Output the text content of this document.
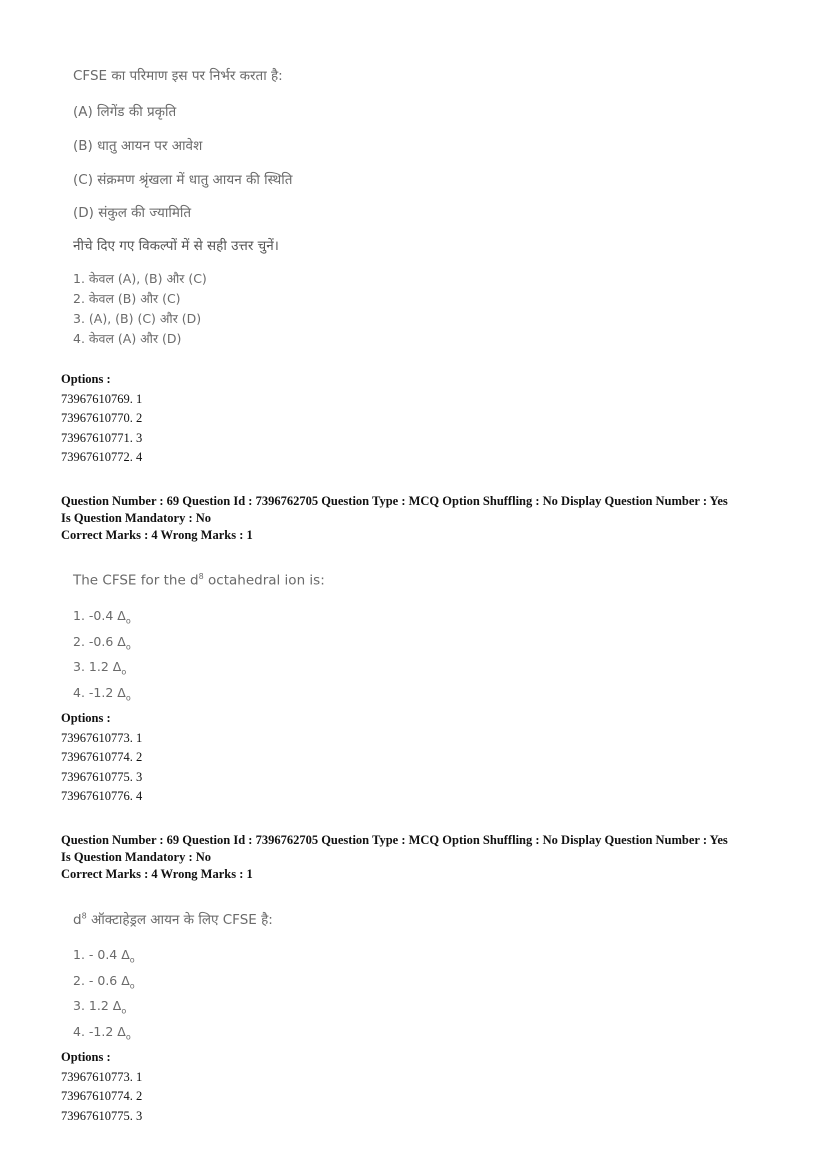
CFSE का परिमाण इस पर निर्भर करता है:
(A) लिगेंड की प्रकृति
(B) धातु आयन पर आवेश
(C) संक्रमण श्रृंखला में धातु आयन की स्थिति
(D) संकुल की ज्यामिति
नीचे दिए गए विकल्पों में से सही उत्तर चुनें।
1. केवल (A), (B) और (C)
2. केवल (B) और (C)
3. (A), (B) (C) और (D)
4. केवल (A) और (D)
Options :
73967610769. 1
73967610770. 2
73967610771. 3
73967610772. 4
Question Number : 69 Question Id : 7396762705 Question Type : MCQ Option Shuffling : No Display Question Number : Yes
Is Question Mandatory : No
Correct Marks : 4 Wrong Marks : 1
The CFSE for the $d^8$ octahedral ion is:
1. -0.4 $\Delta_o$
2. -0.6 $\Delta_o$
3. 1.2 $\Delta_o$
4. -1.2 $\Delta_o$
Options :
73967610773. 1
73967610774. 2
73967610775. 3
73967610776. 4
Question Number : 69 Question Id : 7396762705 Question Type : MCQ Option Shuffling : No Display Question Number : Yes
Is Question Mandatory : No
Correct Marks : 4 Wrong Marks : 1
$d^8$ ऑक्टाहेड्रल आयन के लिए CFSE है:
1. - 0.4 $\Delta_o$
2. - 0.6 $\Delta_o$
3. 1.2 $\Delta_o$
4. -1.2 $\Delta_o$
Options :
73967610773. 1
73967610774. 2
73967610775. 3
